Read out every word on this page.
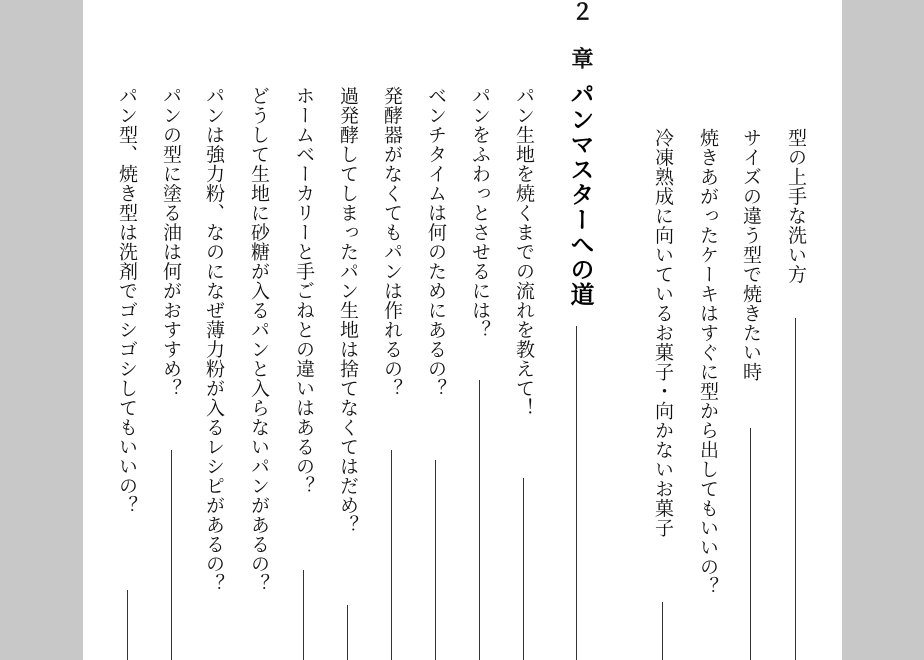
型の上手な洗い方
サイズの違う型で焼きたい時
焼きあがったケーキはすぐに型から出してもいいの？
冷凍熟成に向いているお菓子・向かないお菓子
２ 章
パンマスターへの道
パン生地を焼くまでの流れを教えて！
パンをふわっとさせるには？
ベンチタイムは何のためにあるの？
発酵器がなくてもパンは作れるの？
過発酵してしまったパン生地は捨てなくてはだめ？
ホームベーカリーと手ごねとの違いはあるの？
どうして生地に砂糖が入るパンと入らないパンがあるの？
パンは強力粉、なのになぜ薄力粉が入るレシピがあるの？
パンの型に塗る油は何がおすすめ？
パン型、焼き型は洗剤でゴシゴシしてもいいの？
